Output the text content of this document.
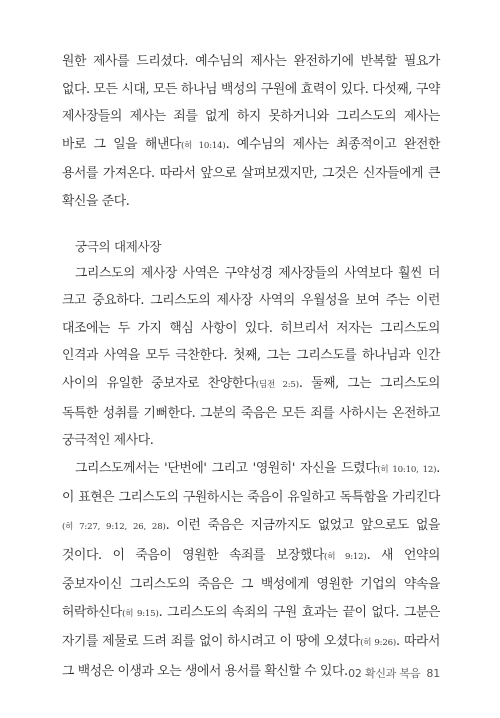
원한 제사를 드리셨다. 예수님의 제사는 완전하기에 반복할 필요가 없다. 모든 시대, 모든 하나님 백성의 구원에 효력이 있다. 다섯째, 구약 제사장들의 제사는 죄를 없게 하지 못하거니와 그리스도의 제사는 바로 그 일을 해낸다(히 10:14). 예수님의 제사는 최종적이고 완전한 용서를 가져온다. 따라서 앞으로 살펴보겠지만, 그것은 신자들에게 큰 확신을 준다.

궁극의 대제사장

그리스도의 제사장 사역은 구약성경 제사장들의 사역보다 훨씬 더 크고 중요하다. 그리스도의 제사장 사역의 우월성을 보여 주는 이런 대조에는 두 가지 핵심 사항이 있다. 히브리서 저자는 그리스도의 인격과 사역을 모두 극찬한다. 첫째, 그는 그리스도를 하나님과 인간 사이의 유일한 중보자로 찬양한다(딤전 2:5). 둘째, 그는 그리스도의 독특한 성취를 기뻐한다. 그분의 죽음은 모든 죄를 사하시는 온전하고 궁극적인 제사다.

그리스도께서는 '단번에' 그리고 '영원히' 자신을 드렸다(히 10:10, 12). 이 표현은 그리스도의 구원하시는 죽음이 유일하고 독특함을 가리킨다(히 7:27, 9:12, 26, 28). 이런 죽음은 지금까지도 없었고 앞으로도 없을 것이다. 이 죽음이 영원한 속죄를 보장했다(히 9:12). 새 언약의 중보자이신 그리스도의 죽음은 그 백성에게 영원한 기업의 약속을 허락하신다(히 9:15). 그리스도의 속죄의 구원 효과는 끝이 없다. 그분은 자기를 제물로 드려 죄를 없이 하시려고 이 땅에 오셨다(히 9:26). 따라서 그 백성은 이생과 오는 생에서 용서를 확신할 수 있다. 02 확신과 복음 81
